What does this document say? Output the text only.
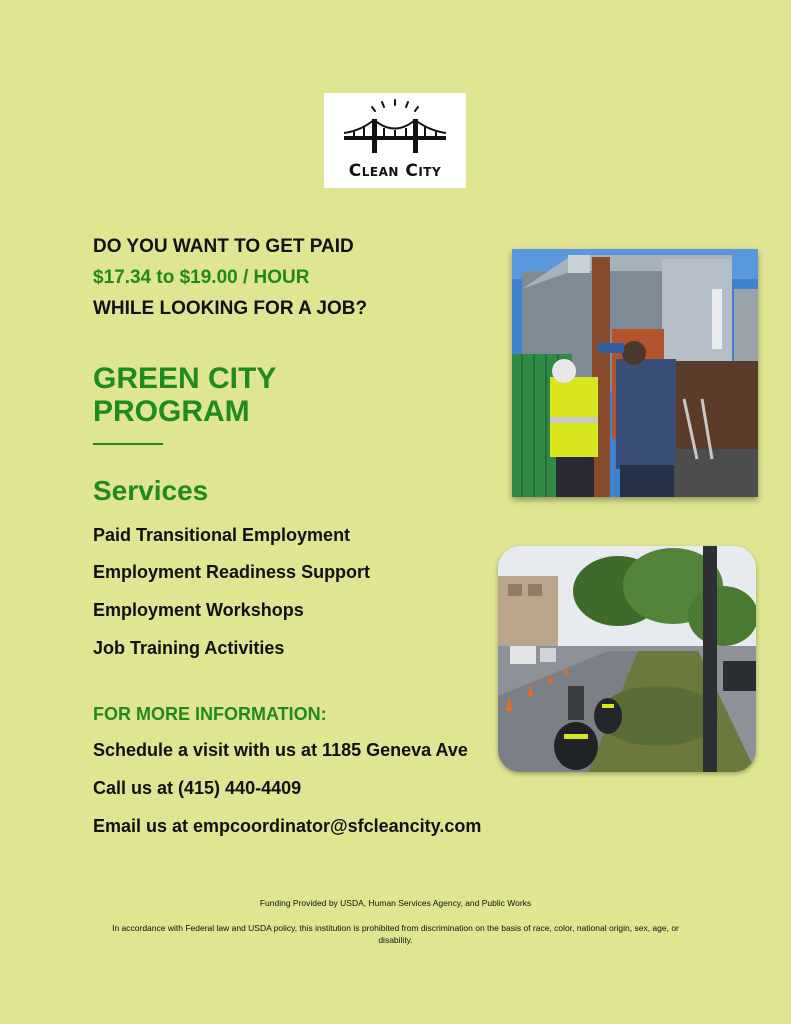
Clean City
DO YOU WANT TO GET PAID
$17.34 to $19.00 / HOUR
WHILE LOOKING FOR A JOB?
GREEN CITY
PROGRAM
Services
Paid Transitional Employment
Employment Readiness Support
Employment Workshops
Job Training Activities
FOR MORE INFORMATION:
Schedule a visit with us at 1185 Geneva Ave
Call us at (415) 440-4409
Email us at empcoordinator@sfcleancity.com
Funding Provided by USDA, Human Services Agency, and Public Works
In accordance with Federal law and USDA policy, this institution is prohibited from discrimination on the basis of race, color, national origin, sex, age, or disability.
